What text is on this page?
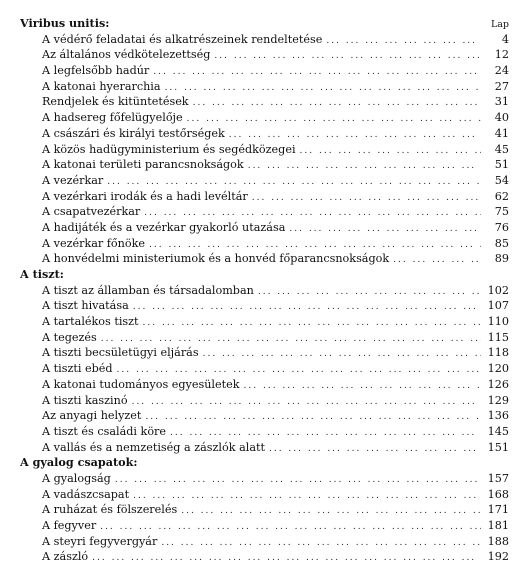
Viribus unitis:	Lap
A védérő feladatai és alkatrészeinek rendeltetése ... .	4
Az általános védkötelezettség ... .	12
A legfelsőbb hadúr ... .	24
A katonai hyerarchia ... .	27
Rendjelek és kitüntetések ... .	31
A hadsereg főfelügyelője ... .	40
A császári és királyi testőrségek ... .	41
A közös hadügyministerium és segédközegei ... .	45
A katonai területi parancsnokságok ... .	51
A vezérkar ... .	54
A vezérkari irodák és a hadi levéltár ... .	62
A csapatvezérkar ... .	75
A hadijáték és a vezérkar gyakorló utazása ... .	76
A vezérkar főnöke ... .	85
A honvédelmi ministeriumok és a honvéd főparancsnokságok ... .	89
A tiszt:
A tiszt az államban és társadalomban ... .	102
A tiszt hivatása ... .	107
A tartalékos tiszt ... .	110
A tegezés ... .	115
A tiszti becsületügyi eljárás ... .	118
A tiszti ebéd ... .	120
A katonai tudományos egyesületek ... .	126
A tiszti kaszinó ... .	129
Az anyagi helyzet ... .	136
A tiszt és családi köre ... .	145
A vallás és a nemzetiség a zászlók alatt ... .	151
A gyalog csapatok:
A gyalogság ... .	157
A vadászcsapat ... .	168
A ruházat és fölszerelés ... .	171
A fegyver ... .	181
A steyri fegyvergyár ... .	188
A zászló ... .	192
